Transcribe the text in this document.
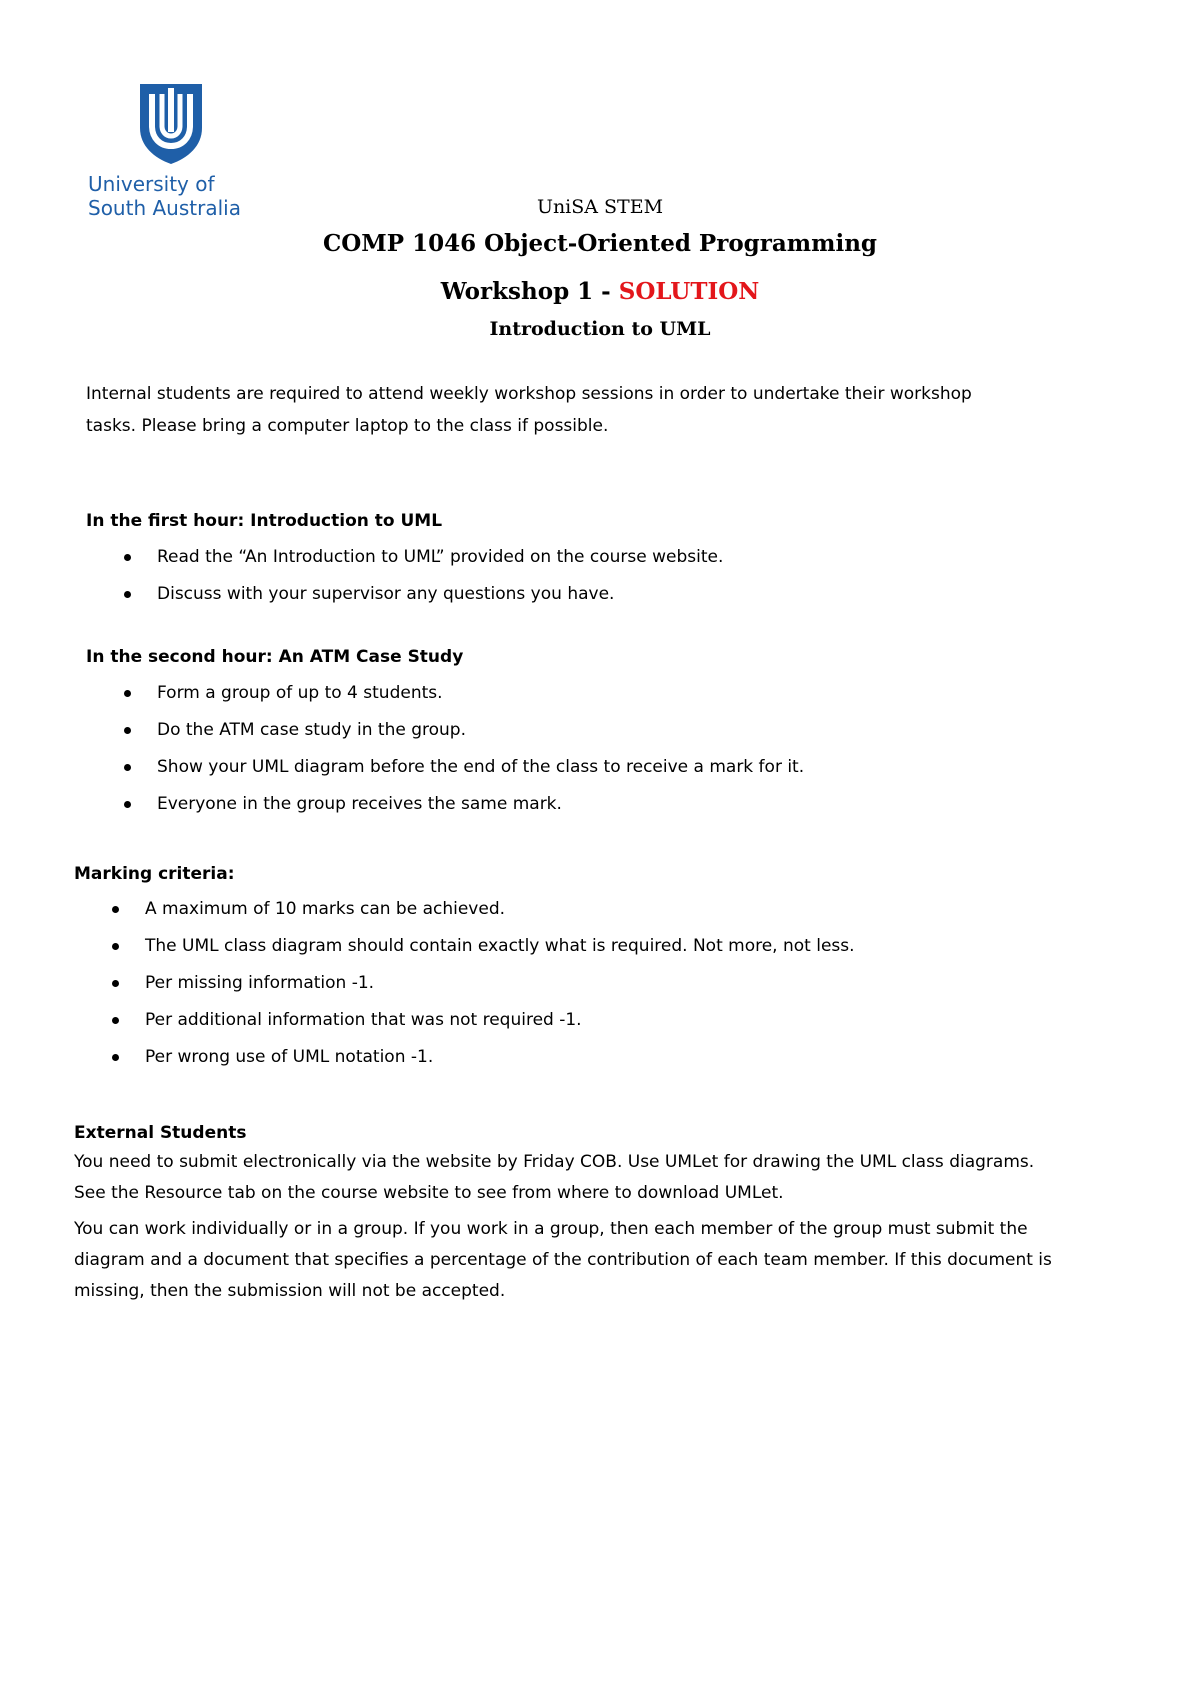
University of
South Australia	UniSA STEM
COMP 1046 Object-Oriented Programming
Workshop 1 - SOLUTION
Introduction to UML
Internal students are required to attend weekly workshop sessions in order to undertake their workshop
tasks. Please bring a computer laptop to the class if possible.
In the first hour: Introduction to UML
Read the “An Introduction to UML” provided on the course website.
Discuss with your supervisor any questions you have.
In the second hour: An ATM Case Study
Form a group of up to 4 students.
Do the ATM case study in the group.
Show your UML diagram before the end of the class to receive a mark for it.
Everyone in the group receives the same mark.
Marking criteria:
A maximum of 10 marks can be achieved.
The UML class diagram should contain exactly what is required. Not more, not less.
Per missing information -1.
Per additional information that was not required -1.
Per wrong use of UML notation -1.
External Students
You need to submit electronically via the website by Friday COB. Use UMLet for drawing the UML class diagrams.
See the Resource tab on the course website to see from where to download UMLet.
You can work individually or in a group. If you work in a group, then each member of the group must submit the
diagram and a document that specifies a percentage of the contribution of each team member. If this document is
missing, then the submission will not be accepted.
